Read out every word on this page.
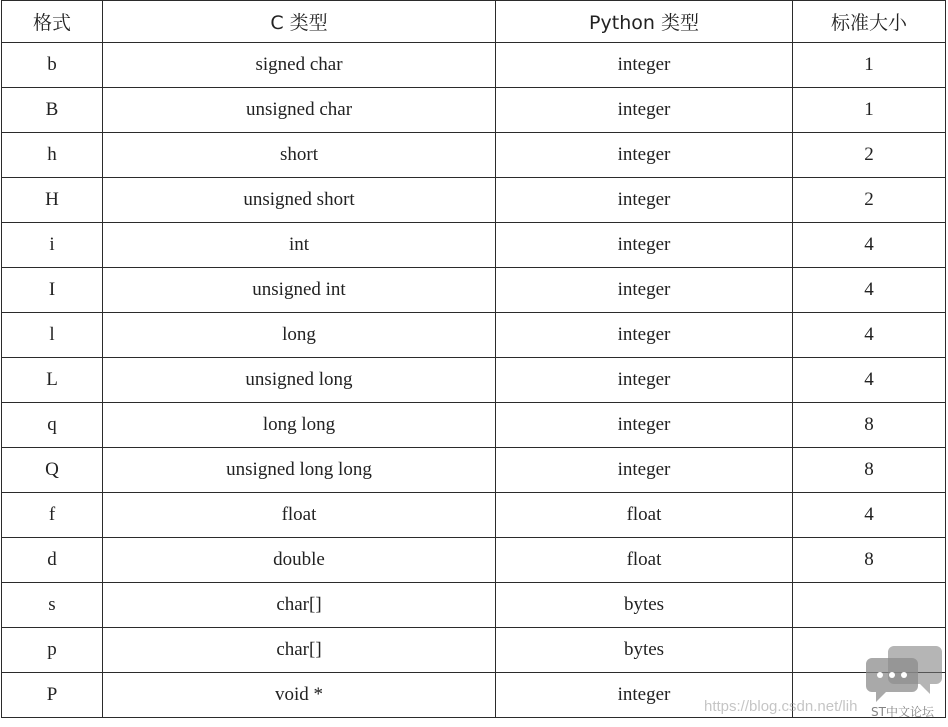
格式	C 类型	Python 类型	标准大小
b	signed char	integer	1
B	unsigned char	integer	1
h	short	integer	2
H	unsigned short	integer	2
i	int	integer	4
I	unsigned int	integer	4
l	long	integer	4
L	unsigned long	integer	4
q	long long	integer	8
Q	unsigned long long	integer	8
f	float	float	4
d	double	float	8
s	char[]	bytes	
p	char[]	bytes	
P	void *	integer	
https://blog.csdn.net/lih ST中文论坛
